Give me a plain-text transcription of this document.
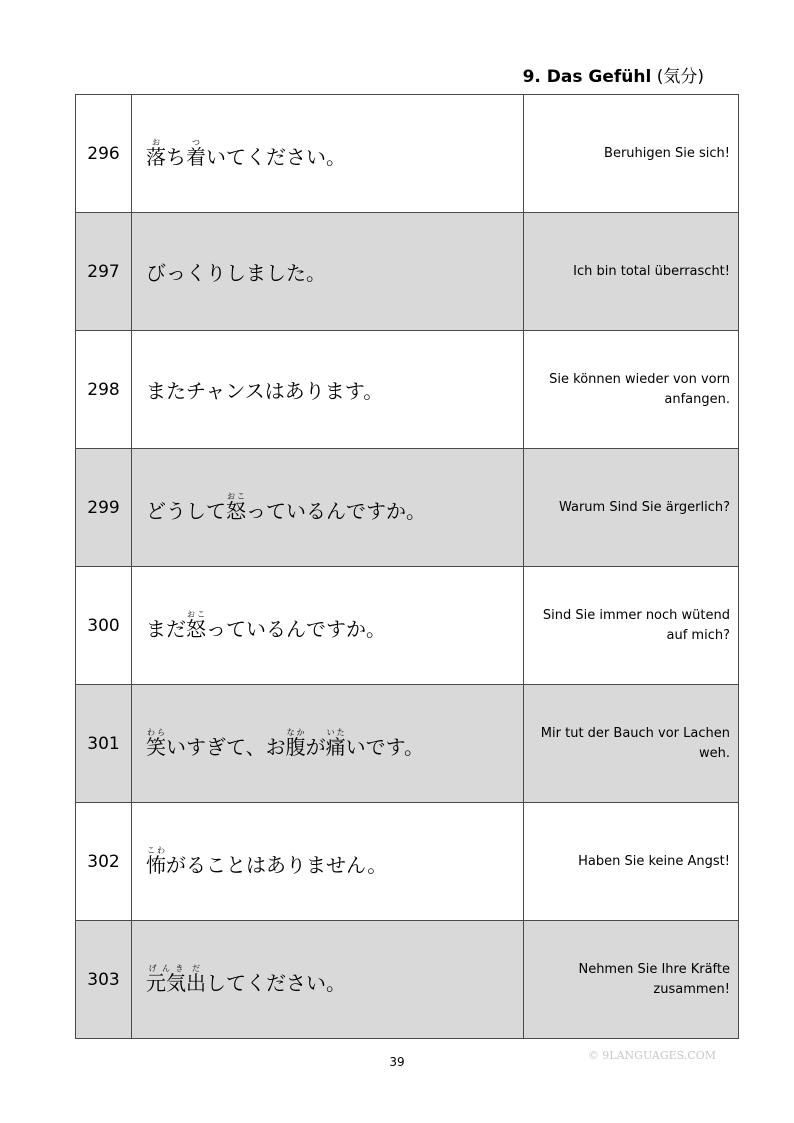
9. Das Gefühl (気分)
296	落おち着ついてください。	Beruhigen Sie sich!

297	びっくりしました。	Ich bin total überrascht!

298	またチャンスはあります。	Sie können wieder von vorn
anfangen.

299	どうして怒おこっているんですか。	Warum Sind Sie ärgerlich?

300	まだ怒おこっているんですか。	Sind Sie immer noch wütend
auf mich?

301	笑わらいすぎて、お腹なかが痛いたいです。	Mir tut der Bauch vor Lachen
weh.

302	怖こわがることはありません。	Haben Sie keine Angst!

303	元気げんき出だしてください。	Nehmen Sie Ihre Kräfte
zusammen!
39	© 9LANGUAGES.COM
